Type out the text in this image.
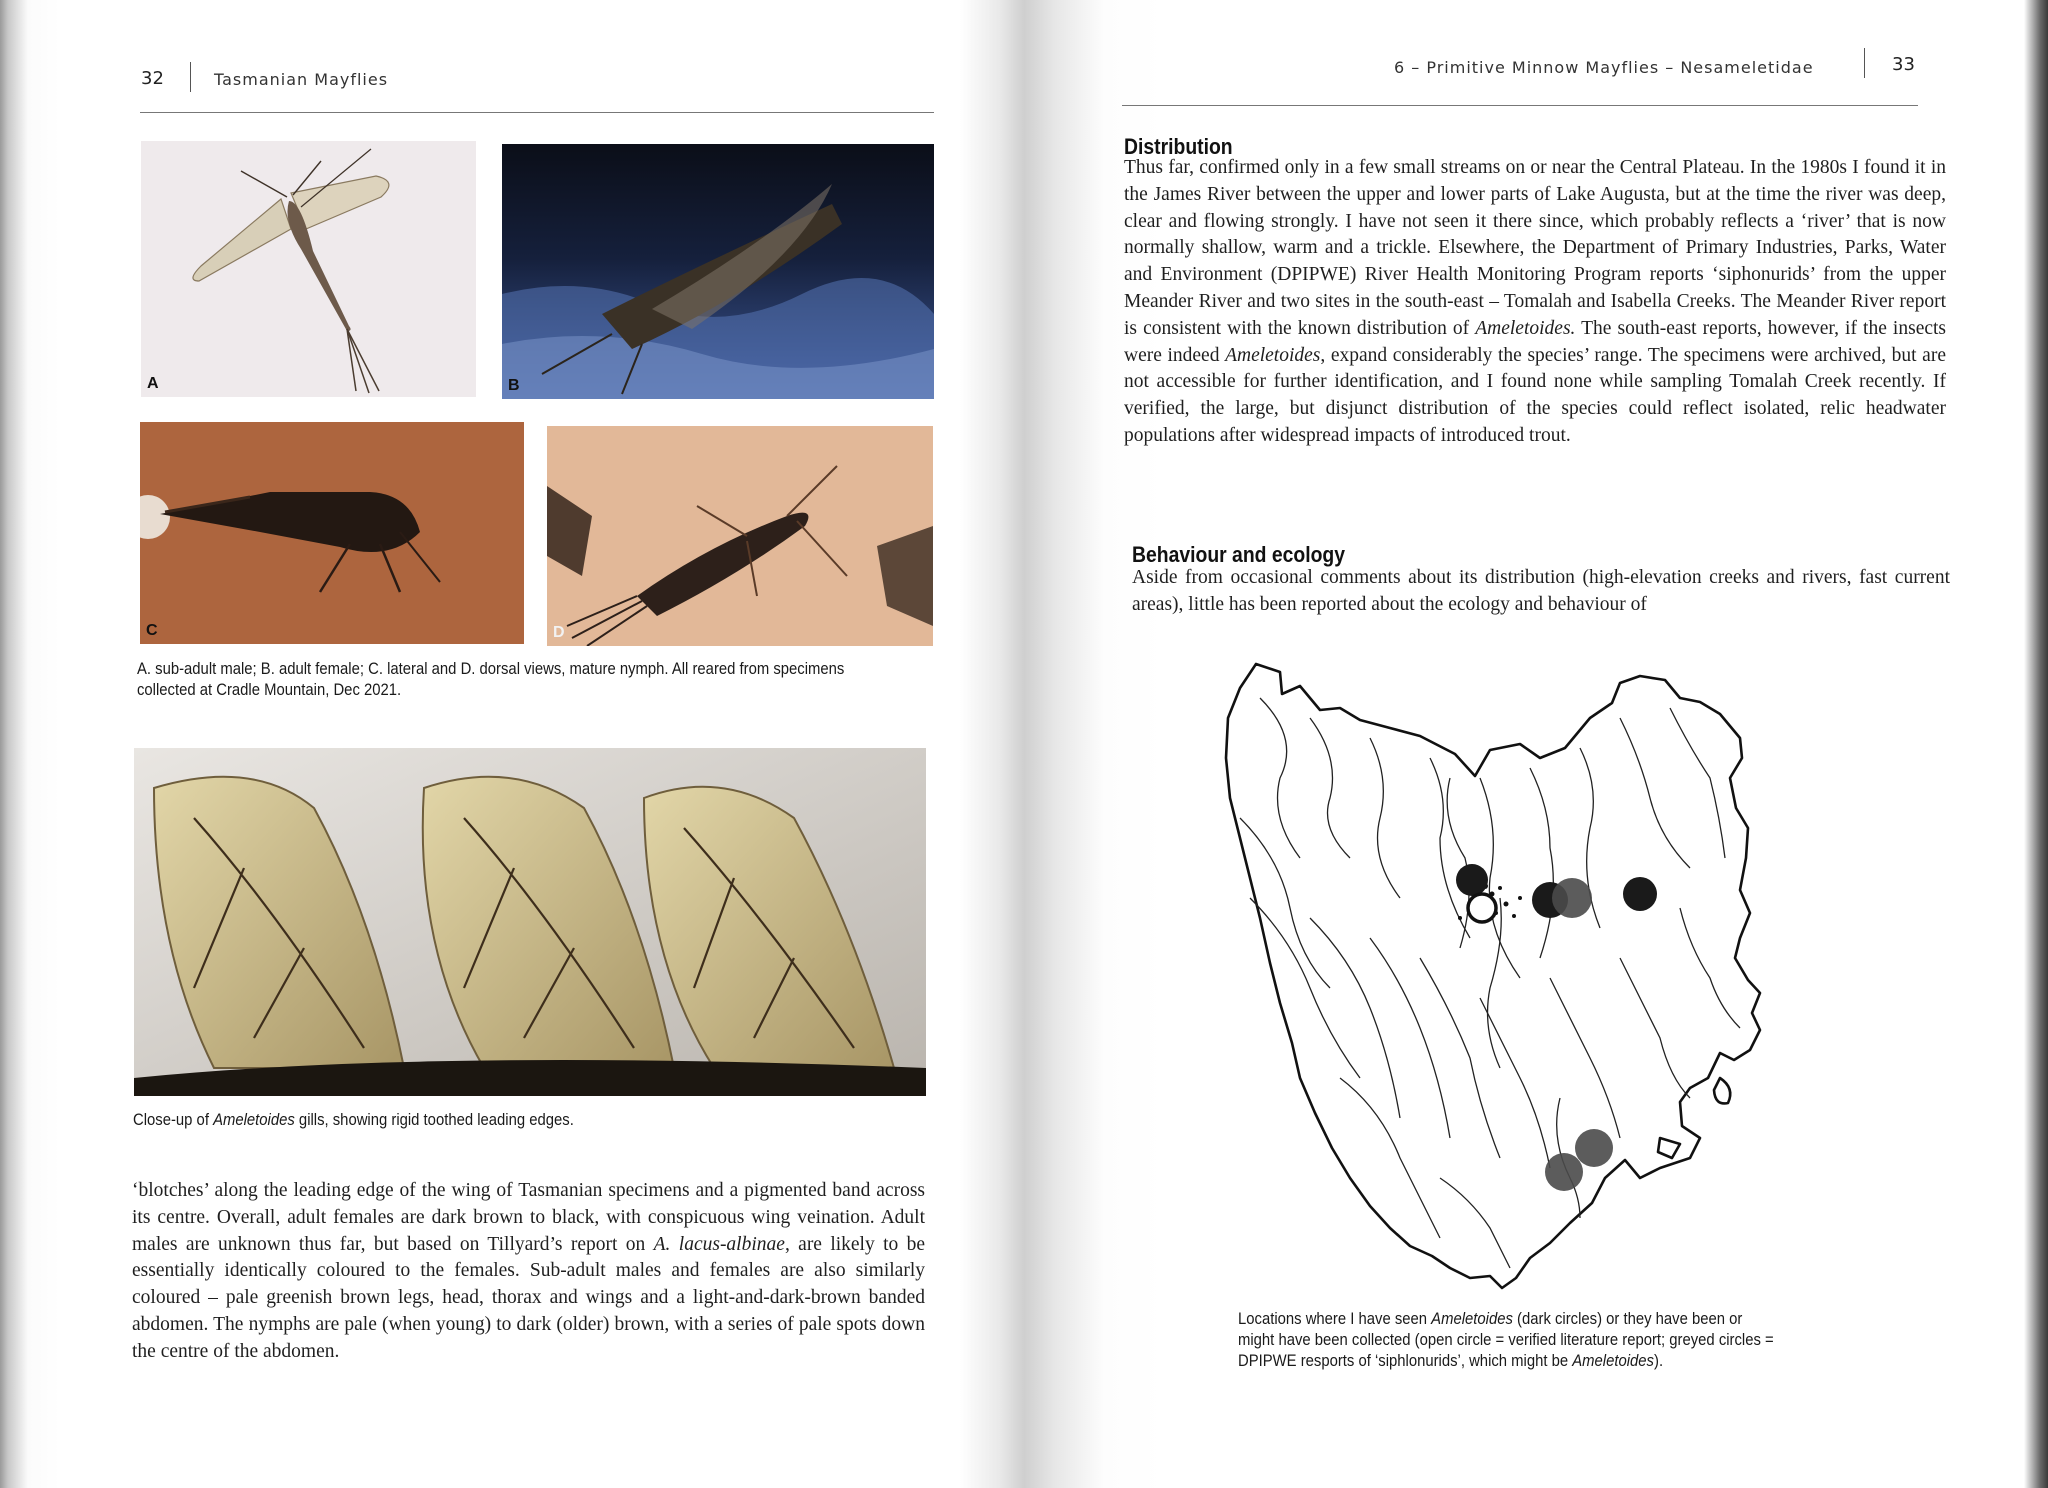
32	Tasmanian Mayflies
A	B
C	D
A. sub-adult male; B. adult female; C. lateral and D. dorsal views, mature nymph. All reared from specimens
collected at Cradle Mountain, Dec 2021.
Close-up of Ameletoides gills, showing rigid toothed leading edges.

‘blotches’ along the leading edge of the wing of Tasmanian specimens and a pigmented band across its centre. Overall, adult females are dark brown to black, with conspicuous wing veination. Adult males are unknown thus far, but based on Tillyard’s report on A. lacus-albinae, are likely to be essentially identically coloured to the females. Sub-adult males and females are also similarly coloured – pale greenish brown legs, head, thorax and wings and a light-and-dark-brown banded abdomen. The nymphs are pale (when young) to dark (older) brown, with a series of pale spots down the centre of the abdomen.

6 – Primitive Minnow Mayflies – Nesameletidae	33
Distribution

Thus far, confirmed only in a few small streams on or near the Central Plateau. In the 1980s I found it in the James River between the upper and lower parts of Lake Augusta, but at the time the river was deep, clear and flowing strongly. I have not seen it there since, which probably reflects a ‘river’ that is now normally shallow, warm and a trickle. Elsewhere, the Department of Primary Industries, Parks, Water and Environment (DPIPWE) River Health Monitoring Program reports ‘siphonurids’ from the upper Meander River and two sites in the south-east – Tomalah and Isabella Creeks. The Meander River report is consistent with the known distribution of Ameletoides. The south-east reports, however, if the insects were indeed Ameletoides, expand considerably the species’ range. The specimens were archived, but are not accessible for further identification, and I found none while sampling Tomalah Creek recently. If verified, the large, but disjunct distribution of the species could reflect isolated, relic headwater populations after widespread impacts of introduced trout.

Behaviour and ecology

Aside from occasional comments about its distribution (high-elevation creeks and rivers, fast current areas), little has been reported about the ecology and behaviour of

Locations where I have seen Ameletoides (dark circles) or they have been or might have been collected (open circle = verified literature report; greyed circles = DPIPWE resports of ‘siphlonurids’, which might be Ameletoides).
